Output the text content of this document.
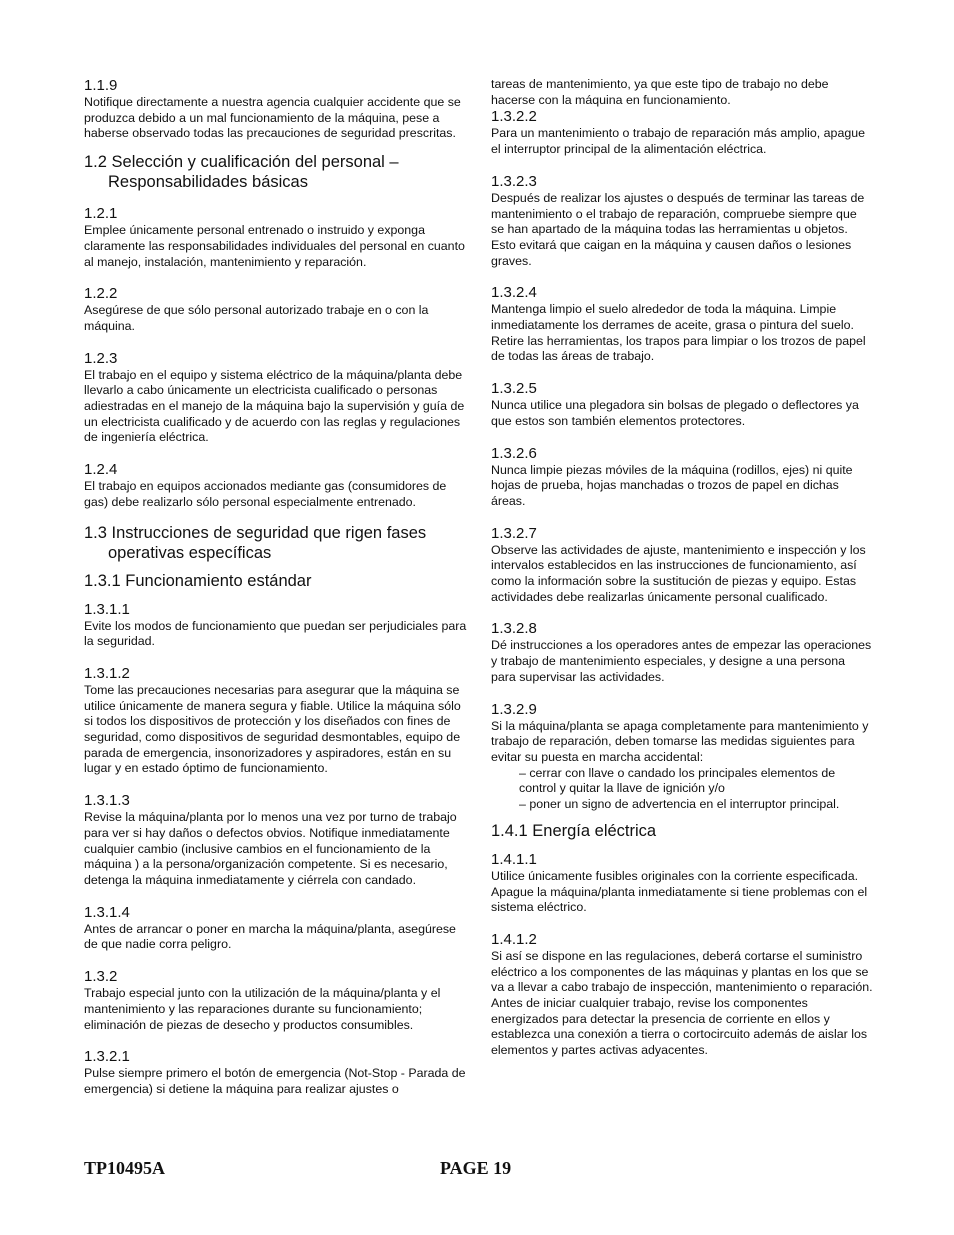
1.1.9

Notifique directamente a nuestra agencia cualquier accidente que se produzca debido a un mal funcionamiento de la máquina, pese a haberse observado todas las precauciones de seguridad prescritas.

1.2 Selección y cualificación del personal –
Responsabilidades básicas

1.2.1

Emplee únicamente personal entrenado o instruido y exponga claramente las responsabilidades individuales del personal en cuanto al manejo, instalación, mantenimiento y reparación.

1.2.2

Asegúrese de que sólo personal autorizado trabaje en o con la máquina.

1.2.3

El trabajo en el equipo y sistema eléctrico de la máquina/planta debe llevarlo a cabo únicamente un electricista cualificado o personas adiestradas en el manejo de la máquina bajo la supervisión y guía de un electricista cualificado y de acuerdo con las reglas y regulaciones de ingeniería eléctrica.

1.2.4

El trabajo en equipos accionados mediante gas (consumidores de gas) debe realizarlo sólo personal especialmente entrenado.

1.3 Instrucciones de seguridad que rigen fases
operativas específicas

1.3.1 Funcionamiento estándar

1.3.1.1

Evite los modos de funcionamiento que puedan ser perjudiciales para la seguridad.

1.3.1.2

Tome las precauciones necesarias para asegurar que la máquina se utilice únicamente de manera segura y fiable. Utilice la máquina sólo si todos los dispositivos de protección y los diseñados con fines de seguridad, como dispositivos de seguridad desmontables, equipo de parada de emergencia, insonorizadores y aspiradores, están en su lugar y en estado óptimo de funcionamiento.

1.3.1.3

Revise la máquina/planta por lo menos una vez por turno de trabajo para ver si hay daños o defectos obvios. Notifique inmediatamente cualquier cambio (inclusive cambios en el funcionamiento de la máquina ) a la persona/organización competente. Si es necesario, detenga la máquina inmediatamente y ciérrela con candado.

1.3.1.4

Antes de arrancar o poner en marcha la máquina/planta, asegúrese de que nadie corra peligro.

1.3.2

Trabajo especial junto con la utilización de la máquina/planta y el mantenimiento y las reparaciones durante su funcionamiento; eliminación de piezas de desecho y productos consumibles.

1.3.2.1

Pulse siempre primero el botón de emergencia (Not-Stop - Parada de emergencia) si detiene la máquina para realizar ajustes o

tareas de mantenimiento, ya que este tipo de trabajo no debe hacerse con la máquina en funcionamiento.

1.3.2.2

Para un mantenimiento o trabajo de reparación más amplio, apague el interruptor principal de la alimentación eléctrica.

1.3.2.3

Después de realizar los ajustes o después de terminar las tareas de mantenimiento o el trabajo de reparación, compruebe siempre que se han apartado de la máquina todas las herramientas u objetos. Esto evitará que caigan en la máquina y causen daños o lesiones graves.

1.3.2.4

Mantenga limpio el suelo alrededor de toda la máquina. Limpie inmediatamente los derrames de aceite, grasa o pintura del suelo. Retire las herramientas, los trapos para limpiar o los trozos de papel de todas las áreas de trabajo.

1.3.2.5

Nunca utilice una plegadora sin bolsas de plegado o deflectores ya que estos son también elementos protectores.

1.3.2.6

Nunca limpie piezas móviles de la máquina (rodillos, ejes) ni quite hojas de prueba, hojas manchadas o trozos de papel en dichas áreas.

1.3.2.7

Observe las actividades de ajuste, mantenimiento e inspección y los intervalos establecidos en las instrucciones de funcionamiento, así como la información sobre la sustitución de piezas y equipo. Estas actividades debe realizarlas únicamente personal cualificado.

1.3.2.8

Dé instrucciones a los operadores antes de empezar las operaciones y trabajo de mantenimiento especiales, y designe a una persona para supervisar las actividades.

1.3.2.9

Si la máquina/planta se apaga completamente para mantenimiento y trabajo de reparación, deben tomarse las medidas siguientes para evitar su puesta en marcha accidental:

– cerrar con llave o candado los principales elementos de control y quitar la llave de ignición y/o
– poner un signo de advertencia en el interruptor principal.

1.4.1 Energía eléctrica

1.4.1.1

Utilice únicamente fusibles originales con la corriente especificada. Apague la máquina/planta inmediatamente si tiene problemas con el sistema eléctrico.

1.4.1.2

Si así se dispone en las regulaciones, deberá cortarse el suministro eléctrico a los componentes de las máquinas y plantas en los que se va a llevar a cabo trabajo de inspección, mantenimiento o reparación. Antes de iniciar cualquier trabajo, revise los componentes energizados para detectar la presencia de corriente en ellos y establezca una conexión a tierra o cortocircuito además de aislar los elementos y partes activas adyacentes.

TP10495A	PAGE 19
